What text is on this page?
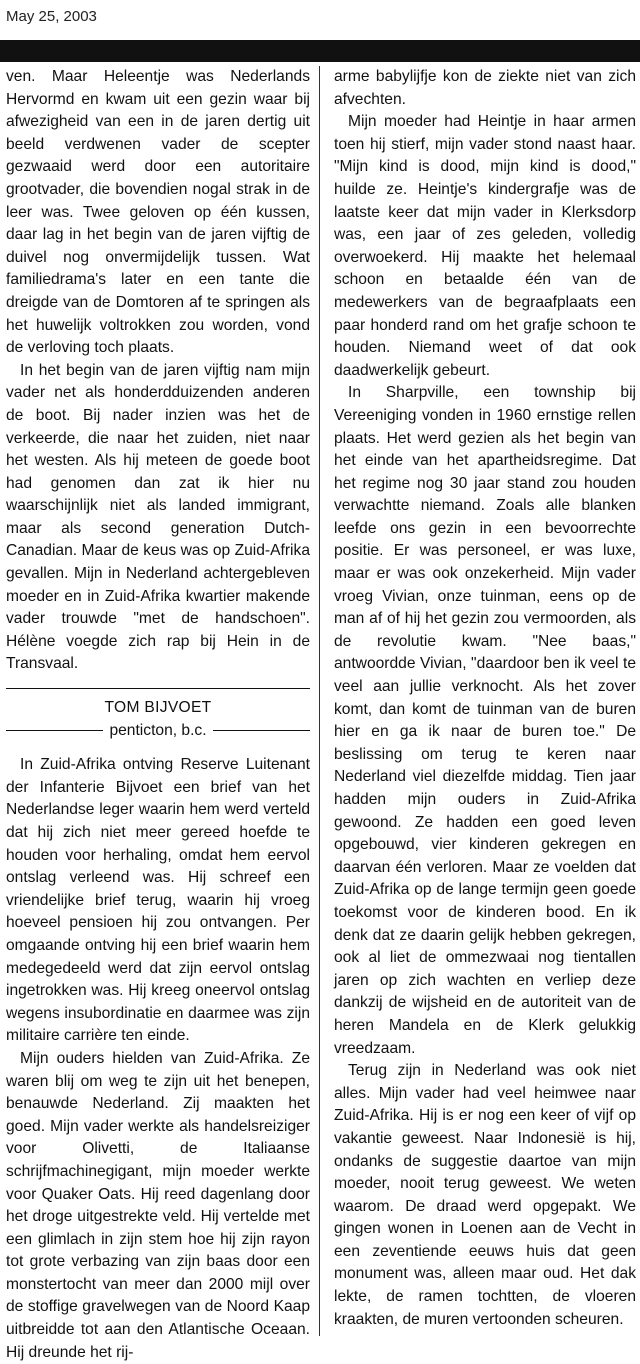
May 25, 2003

ven. Maar Heleentje was Nederlands Hervormd en kwam uit een gezin waar bij afwezigheid van een in de jaren dertig uit beeld verdwenen vader de scepter gezwaaid werd door een autoritaire grootvader, die bovendien nogal strak in de leer was. Twee geloven op één kussen, daar lag in het begin van de jaren vijftig de duivel nog onvermijdelijk tussen. Wat familiedrama's later en een tante die dreigde van de Domtoren af te springen als het huwelijk voltrokken zou worden, vond de verloving toch plaats.

In het begin van de jaren vijftig nam mijn vader net als honderdduizenden anderen de boot. Bij nader inzien was het de verkeerde, die naar het zuiden, niet naar het westen. Als hij meteen de goede boot had genomen dan zat ik hier nu waarschijnlijk niet als landed immigrant, maar als second generation Dutch-Canadian. Maar de keus was op Zuid-Afrika gevallen. Mijn in Nederland achtergebleven moeder en in Zuid-Afrika kwartier makende vader trouwde "met de handschoen". Hélène voegde zich rap bij Hein in de Transvaal.

TOM BIJVOET
penticton, b.c.

In Zuid-Afrika ontving Reserve Luitenant der Infanterie Bijvoet een brief van het Nederlandse leger waarin hem werd verteld dat hij zich niet meer gereed hoefde te houden voor herhaling, omdat hem eervol ontslag verleend was. Hij schreef een vriendelijke brief terug, waarin hij vroeg hoeveel pensioen hij zou ontvangen. Per omgaande ontving hij een brief waarin hem medegedeeld werd dat zijn eervol ontslag ingetrokken was. Hij kreeg oneervol ontslag wegens insubordinatie en daarmee was zijn militaire carrière ten einde.

Mijn ouders hielden van Zuid-Afrika. Ze waren blij om weg te zijn uit het benepen, benauwde Nederland. Zij maakten het goed. Mijn vader werkte als handelsreiziger voor Olivetti, de Italiaanse schrijfmachinegigant, mijn moeder werkte voor Quaker Oats. Hij reed dagenlang door het droge uitgestrekte veld. Hij vertelde met een glimlach in zijn stem hoe hij zijn rayon tot grote verbazing van zijn baas door een monstertocht van meer dan 2000 mijl over de stoffige gravelwegen van de Noord Kaap uitbreidde tot aan den Atlantische Oceaan. Hij dreunde het rij-

arme babylijfje kon de ziekte niet van zich afvechten.

Mijn moeder had Heintje in haar armen toen hij stierf, mijn vader stond naast haar. "Mijn kind is dood, mijn kind is dood," huilde ze. Heintje's kindergrafje was de laatste keer dat mijn vader in Klerksdorp was, een jaar of zes geleden, volledig overwoekerd. Hij maakte het helemaal schoon en betaalde één van de medewerkers van de begraafplaats een paar honderd rand om het grafje schoon te houden. Niemand weet of dat ook daadwerkelijk gebeurt.

In Sharpville, een township bij Vereeniging vonden in 1960 ernstige rellen plaats. Het werd gezien als het begin van het einde van het apartheidsregime. Dat het regime nog 30 jaar stand zou houden verwachtte niemand. Zoals alle blanken leefde ons gezin in een bevoorrechte positie. Er was personeel, er was luxe, maar er was ook onzekerheid. Mijn vader vroeg Vivian, onze tuinman, eens op de man af of hij het gezin zou vermoorden, als de revolutie kwam. "Nee baas," antwoordde Vivian, "daardoor ben ik veel te veel aan jullie verknocht. Als het zover komt, dan komt de tuinman van de buren hier en ga ik naar de buren toe." De beslissing om terug te keren naar Nederland viel diezelfde middag. Tien jaar hadden mijn ouders in Zuid-Afrika gewoond. Ze hadden een goed leven opgebouwd, vier kinderen gekregen en daarvan één verloren. Maar ze voelden dat Zuid-Afrika op de lange termijn geen goede toekomst voor de kinderen bood. En ik denk dat ze daarin gelijk hebben gekregen, ook al liet de ommezwaai nog tientallen jaren op zich wachten en verliep deze dankzij de wijsheid en de autoriteit van de heren Mandela en de Klerk gelukkig vreedzaam.

Terug zijn in Nederland was ook niet alles. Mijn vader had veel heimwee naar Zuid-Afrika. Hij is er nog een keer of vijf op vakantie geweest. Naar Indonesië is hij, ondanks de suggestie daartoe van mijn moeder, nooit terug geweest. We weten waarom. De draad werd opgepakt. We gingen wonen in Loenen aan de Vecht in een zeventiende eeuws huis dat geen monument was, alleen maar oud. Het dak lekte, de ramen tochtten, de vloeren kraakten, de muren vertoonden scheuren.
